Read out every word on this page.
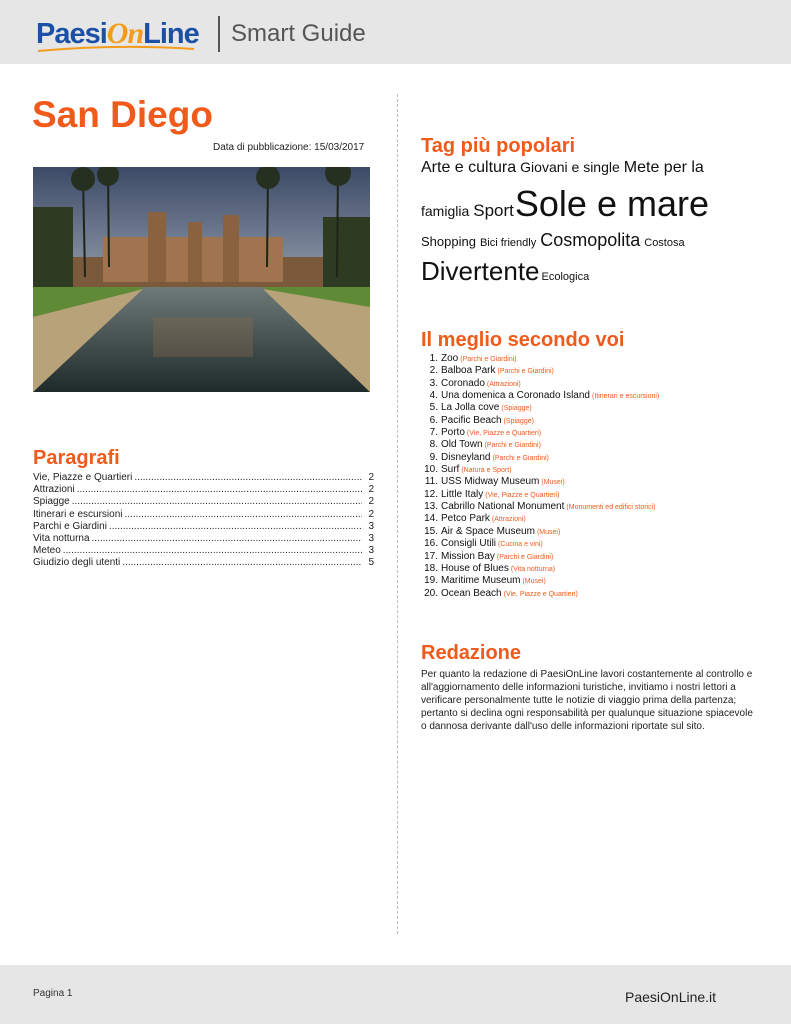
PaesiOnLine Smart Guide
San Diego
Data di pubblicazione: 15/03/2017
Paragrafi
Vie, Piazze e Quartieri .....	2
Attrazioni .....	2
Spiagge .....	2
Itinerari e escursioni .....	2
Parchi e Giardini .....	3
Vita notturna .....	3
Meteo .....	3
Giudizio degli utenti .....	5
Tag più popolari
Arte e cultura Giovani e single Mete per la
famiglia SportSole e mare
Shopping Bici friendly Cosmopolita Costosa
Divertente Ecologica
Il meglio secondo voi
1. Zoo (Parchi e Giardini)
2. Balboa Park (Parchi e Giardini)
3. Coronado (Attrazioni)
4. Una domenica a Coronado Island (Itinerari e escursioni)
5. La Jolla cove (Spiagge)
6. Pacific Beach (Spiagge)
7. Porto (Vie, Piazze e Quartieri)
8. Old Town (Parchi e Giardini)
9. Disneyland (Parchi e Giardini)
10. Surf (Natura e Sport)
11. USS Midway Museum (Musei)
12. Little Italy (Vie, Piazze e Quartieri)
13. Cabrillo National Monument (Monumenti ed edifici storici)
14. Petco Park (Attrazioni)
15. Air & Space Museum (Musei)
16. Consigli Utili (Cucina e vini)
17. Mission Bay (Parchi e Giardini)
18. House of Blues (Vita notturna)
19. Maritime Museum (Musei)
20. Ocean Beach (Vie, Piazze e Quartieri)
Redazione

Per quanto la redazione di PaesiOnLine lavori costantemente al controllo e all'aggiornamento delle informazioni turistiche, invitiamo i nostri lettori a verificare personalmente tutte le notizie di viaggio prima della partenza; pertanto si declina ogni responsabilità per qualunque situazione spiacevole o dannosa derivante dall'uso delle informazioni riportate sul sito.

Pagina 1	PaesiOnLine.it
